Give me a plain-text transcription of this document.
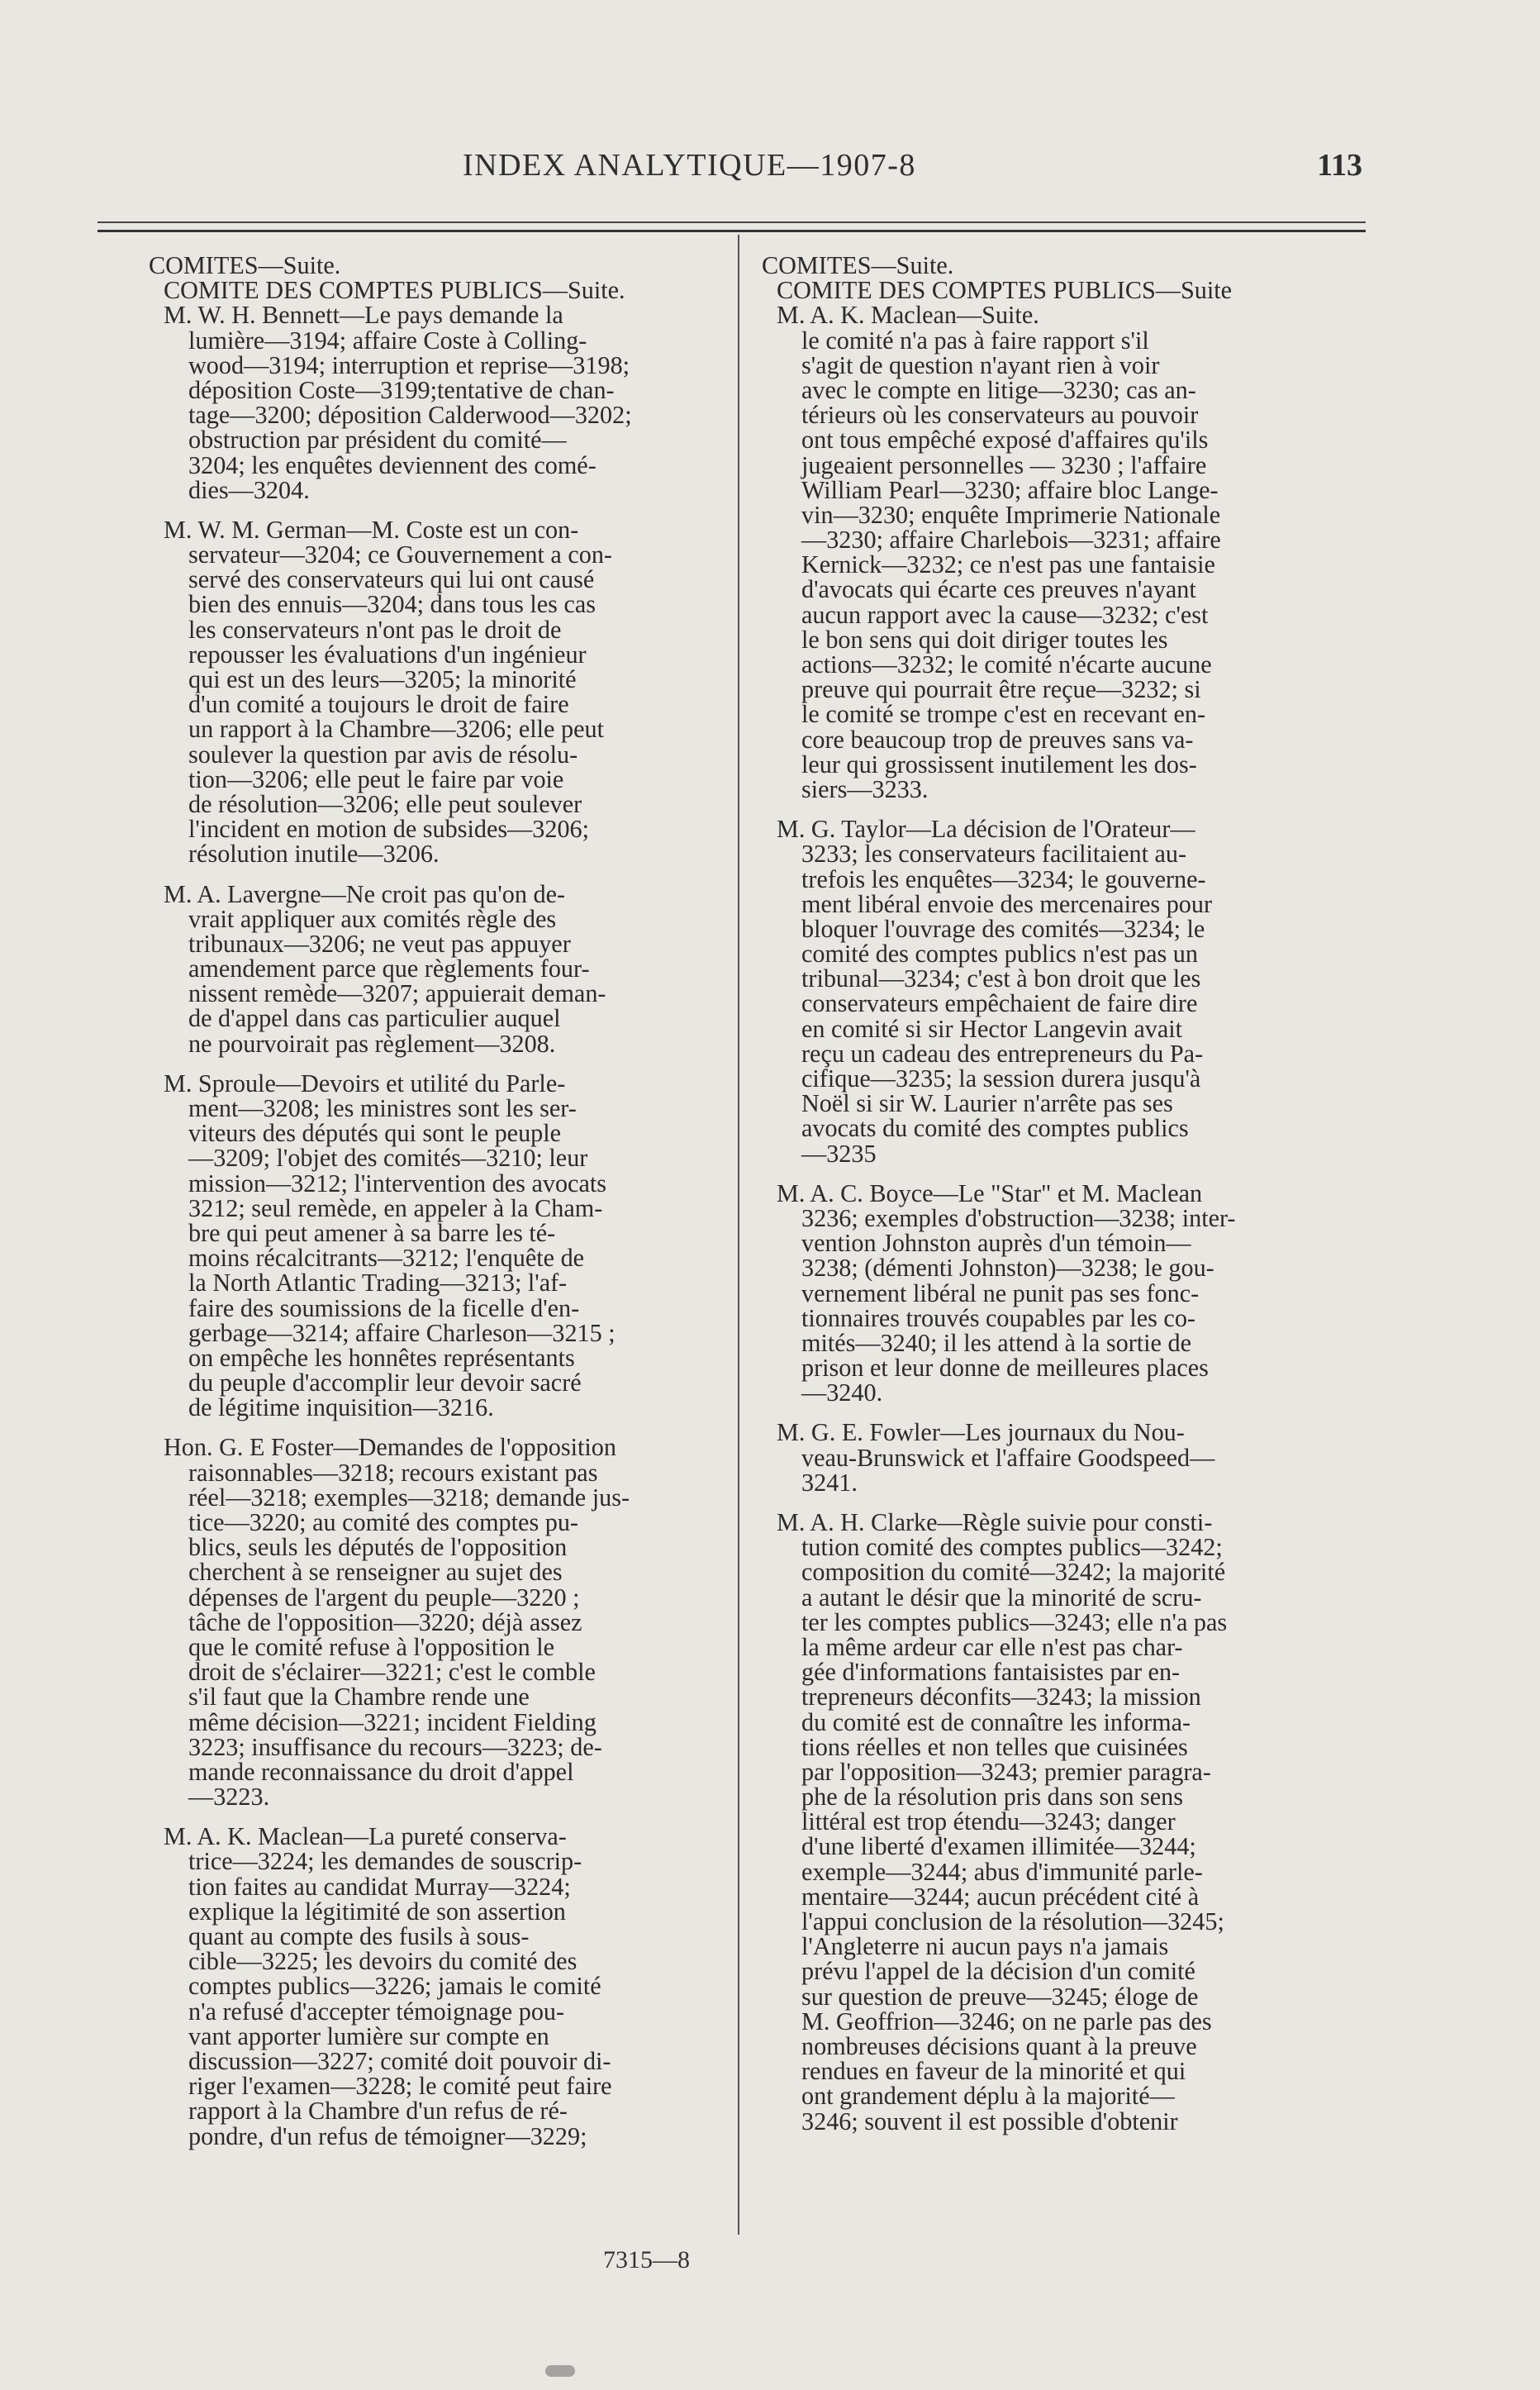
INDEX ANALYTIQUE—1907-8	113
COMITES—Suite.
COMITE DES COMPTES PUBLICS—Suite.
M. W. H. Bennett—Le pays demande la
lumière—3194; affaire Coste à Colling-
wood—3194; interruption et reprise—3198;
déposition Coste—3199;tentative de chan-
tage—3200; déposition Calderwood—3202;
obstruction par président du comité—
3204; les enquêtes deviennent des comé-
dies—3204.
M. W. M. German—M. Coste est un con-
servateur—3204; ce Gouvernement a con-
servé des conservateurs qui lui ont causé
bien des ennuis—3204; dans tous les cas
les conservateurs n'ont pas le droit de
repousser les évaluations d'un ingénieur
qui est un des leurs—3205; la minorité
d'un comité a toujours le droit de faire
un rapport à la Chambre—3206; elle peut
soulever la question par avis de résolu-
tion—3206; elle peut le faire par voie
de résolution—3206; elle peut soulever
l'incident en motion de subsides—3206;
résolution inutile—3206.
M. A. Lavergne—Ne croit pas qu'on de-
vrait appliquer aux comités règle des
tribunaux—3206; ne veut pas appuyer
amendement parce que règlements four-
nissent remède—3207; appuierait deman-
de d'appel dans cas particulier auquel
ne pourvoirait pas règlement—3208.
M. Sproule—Devoirs et utilité du Parle-
ment—3208; les ministres sont les ser-
viteurs des députés qui sont le peuple
—3209; l'objet des comités—3210; leur
mission—3212; l'intervention des avocats
3212; seul remède, en appeler à la Cham-
bre qui peut amener à sa barre les té-
moins récalcitrants—3212; l'enquête de
la North Atlantic Trading—3213; l'af-
faire des soumissions de la ficelle d'en-
gerbage—3214; affaire Charleson—3215 ;
on empêche les honnêtes représentants
du peuple d'accomplir leur devoir sacré
de légitime inquisition—3216.
Hon. G. E Foster—Demandes de l'opposition
raisonnables—3218; recours existant pas
réel—3218; exemples—3218; demande jus-
tice—3220; au comité des comptes pu-
blics, seuls les députés de l'opposition
cherchent à se renseigner au sujet des
dépenses de l'argent du peuple—3220 ;
tâche de l'opposition—3220; déjà assez
que le comité refuse à l'opposition le
droit de s'éclairer—3221; c'est le comble
s'il faut que la Chambre rende une
même décision—3221; incident Fielding
3223; insuffisance du recours—3223; de-
mande reconnaissance du droit d'appel
—3223.
M. A. K. Maclean—La pureté conserva-
trice—3224; les demandes de souscrip-
tion faites au candidat Murray—3224;
explique la légitimité de son assertion
quant au compte des fusils à sous-
cible—3225; les devoirs du comité des
comptes publics—3226; jamais le comité
n'a refusé d'accepter témoignage pou-
vant apporter lumière sur compte en
discussion—3227; comité doit pouvoir di-
riger l'examen—3228; le comité peut faire
rapport à la Chambre d'un refus de ré-
pondre, d'un refus de témoigner—3229;
COMITES—Suite.
COMITE DES COMPTES PUBLICS—Suite
M. A. K. Maclean—Suite.
le comité n'a pas à faire rapport s'il
s'agit de question n'ayant rien à voir
avec le compte en litige—3230; cas an-
térieurs où les conservateurs au pouvoir
ont tous empêché exposé d'affaires qu'ils
jugeaient personnelles — 3230 ; l'affaire
William Pearl—3230; affaire bloc Lange-
vin—3230; enquête Imprimerie Nationale
—3230; affaire Charlebois—3231; affaire
Kernick—3232; ce n'est pas une fantaisie
d'avocats qui écarte ces preuves n'ayant
aucun rapport avec la cause—3232; c'est
le bon sens qui doit diriger toutes les
actions—3232; le comité n'écarte aucune
preuve qui pourrait être reçue—3232; si
le comité se trompe c'est en recevant en-
core beaucoup trop de preuves sans va-
leur qui grossissent inutilement les dos-
siers—3233.
M. G. Taylor—La décision de l'Orateur—
3233; les conservateurs facilitaient au-
trefois les enquêtes—3234; le gouverne-
ment libéral envoie des mercenaires pour
bloquer l'ouvrage des comités—3234; le
comité des comptes publics n'est pas un
tribunal—3234; c'est à bon droit que les
conservateurs empêchaient de faire dire
en comité si sir Hector Langevin avait
reçu un cadeau des entrepreneurs du Pa-
cifique—3235; la session durera jusqu'à
Noël si sir W. Laurier n'arrête pas ses
avocats du comité des comptes publics
—3235
M. A. C. Boyce—Le "Star" et M. Maclean
3236; exemples d'obstruction—3238; inter-
vention Johnston auprès d'un témoin—
3238; (démenti Johnston)—3238; le gou-
vernement libéral ne punit pas ses fonc-
tionnaires trouvés coupables par les co-
mités—3240; il les attend à la sortie de
prison et leur donne de meilleures places
—3240.
M. G. E. Fowler—Les journaux du Nou-
veau-Brunswick et l'affaire Goodspeed—
3241.
M. A. H. Clarke—Règle suivie pour consti-
tution comité des comptes publics—3242;
composition du comité—3242; la majorité
a autant le désir que la minorité de scru-
ter les comptes publics—3243; elle n'a pas
la même ardeur car elle n'est pas char-
gée d'informations fantaisistes par en-
trepreneurs déconfits—3243; la mission
du comité est de connaître les informa-
tions réelles et non telles que cuisinées
par l'opposition—3243; premier paragra-
phe de la résolution pris dans son sens
littéral est trop étendu—3243; danger
d'une liberté d'examen illimitée—3244;
exemple—3244; abus d'immunité parle-
mentaire—3244; aucun précédent cité à
l'appui conclusion de la résolution—3245;
l'Angleterre ni aucun pays n'a jamais
prévu l'appel de la décision d'un comité
sur question de preuve—3245; éloge de
M. Geoffrion—3246; on ne parle pas des
nombreuses décisions quant à la preuve
rendues en faveur de la minorité et qui
ont grandement déplu à la majorité—
3246; souvent il est possible d'obtenir
7315—8
